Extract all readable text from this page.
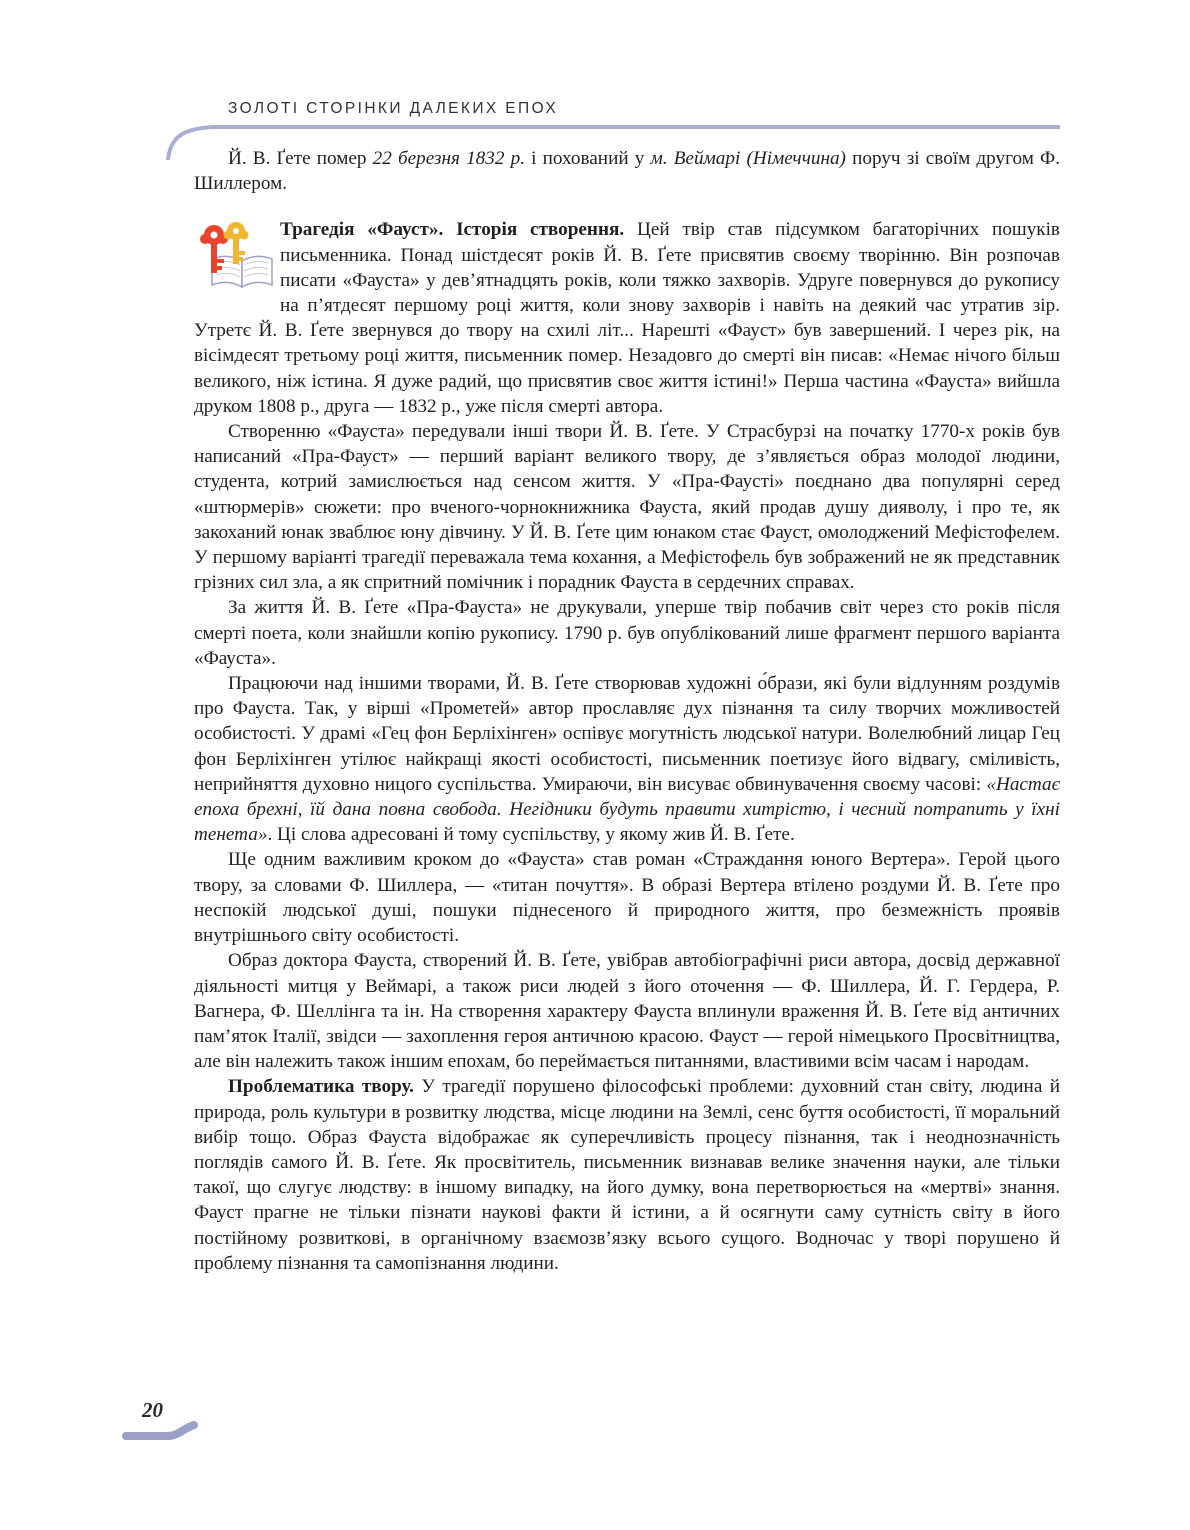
ЗОЛОТІ СТОРІНКИ ДАЛЕКИХ ЕПОХ

Й. В. Ґете помер 22 березня 1832 р. і похований у м. Веймарі (Німеччина) поруч зі своїм другом Ф. Шиллером.

Трагедія «Фауст». Історія створення. Цей твір став підсумком багаторічних пошуків письменника. Понад шістдесят років Й. В. Ґете присвятив своєму творінню. Він розпочав писати «Фауста» у дев’ятнадцять років, коли тяжко захворів. Удруге повернувся до рукопису на п’ятдесят першому році життя, коли знову захворів і навіть на деякий час утратив зір. Утретє Й. В. Ґете звернувся до твору на схилі літ... Нарешті «Фауст» був завершений. І через рік, на вісімдесят третьому році життя, письменник помер. Незадовго до смерті він писав: «Немає нічого більш великого, ніж істина. Я дуже радий, що присвятив своє життя істині!» Перша частина «Фауста» вийшла друком 1808 р., друга — 1832 р., уже після смерті автора.

Створенню «Фауста» передували інші твори Й. В. Ґете. У Страсбурзі на початку 1770-х років був написаний «Пра-Фауст» — перший варіант великого твору, де з’являється образ молодої людини, студента, котрий замислюється над сенсом життя. У «Пра-Фаусті» поєднано два популярні серед «штюрмерів» сюжети: про вченого-чорнокнижника Фауста, який продав душу дияволу, і про те, як закоханий юнак зваблює юну дівчину. У Й. В. Ґете цим юнаком стає Фауст, омолоджений Мефістофелем. У першому варіанті трагедії переважала тема кохання, а Мефістофель був зображений не як представник грізних сил зла, а як спритний помічник і порадник Фауста в сердечних справах.

За життя Й. В. Ґете «Пра-Фауста» не друкували, уперше твір побачив світ через сто років після смерті поета, коли знайшли копію рукопису. 1790 р. був опублікований лише фрагмент першого варіанта «Фауста».

Працюючи над іншими творами, Й. В. Ґете створював художні о́брази, які були відлунням роздумів про Фауста. Так, у вірші «Прометей» автор прославляє дух пізнання та силу творчих можливостей особистості. У драмі «Гец фон Берліхінген» оспівує могутність людської натури. Волелюбний лицар Гец фон Берліхінген утілює найкращі якості особистості, письменник поетизує його відвагу, сміливість, неприйняття духовно ницого суспільства. Умираючи, він висуває обвинувачення своєму часові: «Настає епоха брехні, їй дана повна свобода. Негідники будуть правити хитрістю, і чесний потрапить у їхні тенета». Ці слова адресовані й тому суспільству, у якому жив Й. В. Ґете.

Ще одним важливим кроком до «Фауста» став роман «Страждання юного Вертера». Герой цього твору, за словами Ф. Шиллера, — «титан почуття». В образі Вертера втілено роздуми Й. В. Ґете про неспокій людської душі, пошуки піднесеного й природного життя, про безмежність проявів внутрішнього світу особистості.

Образ доктора Фауста, створений Й. В. Ґете, увібрав автобіографічні риси автора, досвід державної діяльності митця у Веймарі, а також риси людей з його оточення — Ф. Шиллера, Й. Г. Гердера, Р. Вагнера, Ф. Шеллінга та ін. На створення характеру Фауста вплинули враження Й. В. Ґете від античних пам’яток Італії, звідси — захоплення героя античною красою. Фауст — герой німецького Просвітництва, але він належить також іншим епохам, бо переймається питаннями, властивими всім часам і народам.

Проблематика твору. У трагедії порушено філософські проблеми: духовний стан світу, людина й природа, роль культури в розвитку людства, місце людини на Землі, сенс буття особистості, її моральний вибір тощо. Образ Фауста відображає як суперечливість процесу пізнання, так і неоднозначність поглядів самого Й. В. Ґете. Як просвітитель, письменник визнавав велике значення науки, але тільки такої, що слугує людству: в іншому випадку, на його думку, вона перетворюється на «мертві» знання. Фауст прагне не тільки пізнати наукові факти й істини, а й осягнути саму сутність світу в його постійному розвиткові, в органічному взаємозв’язку всього сущого. Водночас у творі порушено й проблему пізнання та самопізнання людини.

20
